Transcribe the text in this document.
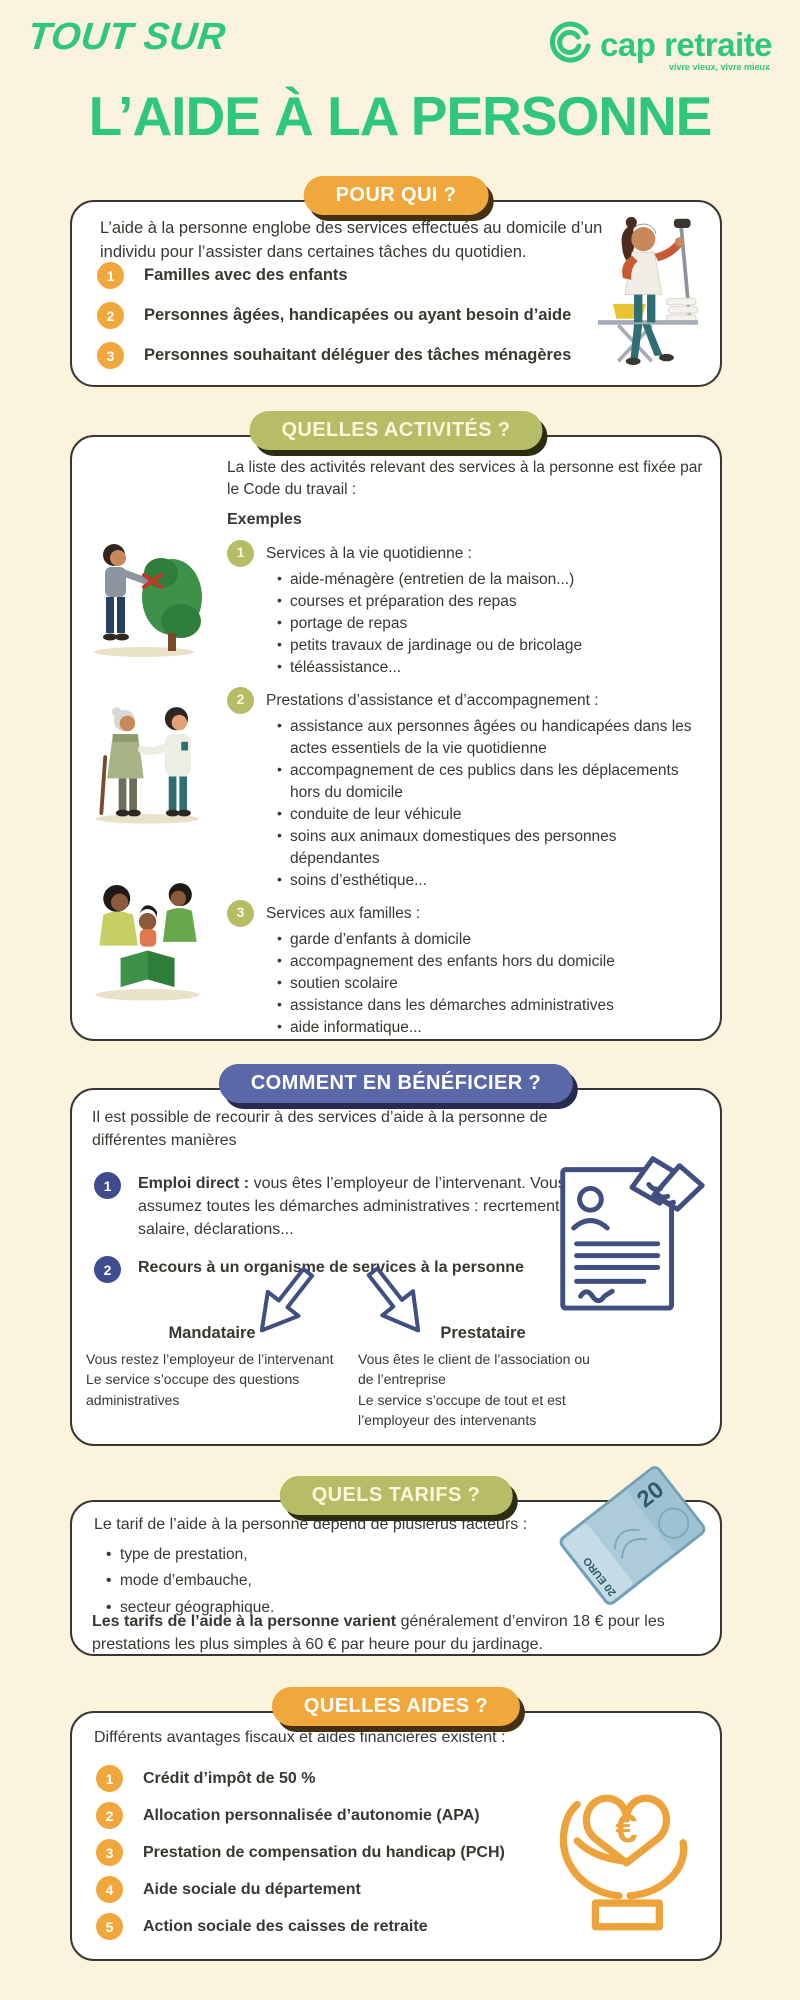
TOUT SUR	cap retraite
vivre vieux, vivre mieux
L’AIDE À LA PERSONNE
POUR QUI ?

L’aide à la personne englobe des services effectués au domicile d’un individu pour l’assister dans certaines tâches du quotidien.

1	Familles avec des enfants
2	Personnes âgées, handicapées ou ayant besoin d’aide
3	Personnes souhaitant déléguer des tâches ménagères
QUELLES ACTIVITÉS ?

La liste des activités relevant des services à la personne est fixée par le Code du travail :

Exemples

1	Services à la vie quotidienne :
• aide-ménagère (entretien de la maison...)
• courses et préparation des repas
• portage de repas
• petits travaux de jardinage ou de bricolage
• téléassistance...
2	Prestations d’assistance et d’accompagnement :
• assistance aux personnes âgées ou handicapées dans les actes essentiels de la vie quotidienne
• accompagnement de ces publics dans les déplacements hors du domicile
• conduite de leur véhicule
• soins aux animaux domestiques des personnes dépendantes
• soins d’esthétique...
3	Services aux familles :
• garde d’enfants à domicile
• accompagnement des enfants hors du domicile
• soutien scolaire
• assistance dans les démarches administratives
• aide informatique...
COMMENT EN BÉNÉFICIER ?

Il est possible de recourir à des services d’aide à la personne de différentes manières

1	Emploi direct : vous êtes l’employeur de l’intervenant. Vous assumez toutes les démarches administratives : recrtement, salaire, déclarations...

2	Recours à un organisme de services à la personne

Mandataire

Vous restez l’employeur de l’intervenant

Le service s’occupe des questions administratives

Prestataire

Vous êtes le client de l’association ou de l’entreprise

Le service s’occupe de tout et est l’employeur des intervenants

QUELS TARIFS ?

Le tarif de l’aide à la personne dépend de plusierus facteurs :

• type de prestation,
• mode d’embauche,
• secteur géographique.

Les tarifs de l’aide à la personne varient généralement d’environ 18 € pour les prestations les plus simples à 60 € par heure pour du jardinage.

20
20 EURO
QUELLES AIDES ?

Différents avantages fiscaux et aides financières existent :

1	Crédit d’impôt de 50 %
2	Allocation personnalisée d’autonomie (APA)
3	Prestation de compensation du handicap (PCH)
4	Aide sociale du département
5	Action sociale des caisses de retraite
€
